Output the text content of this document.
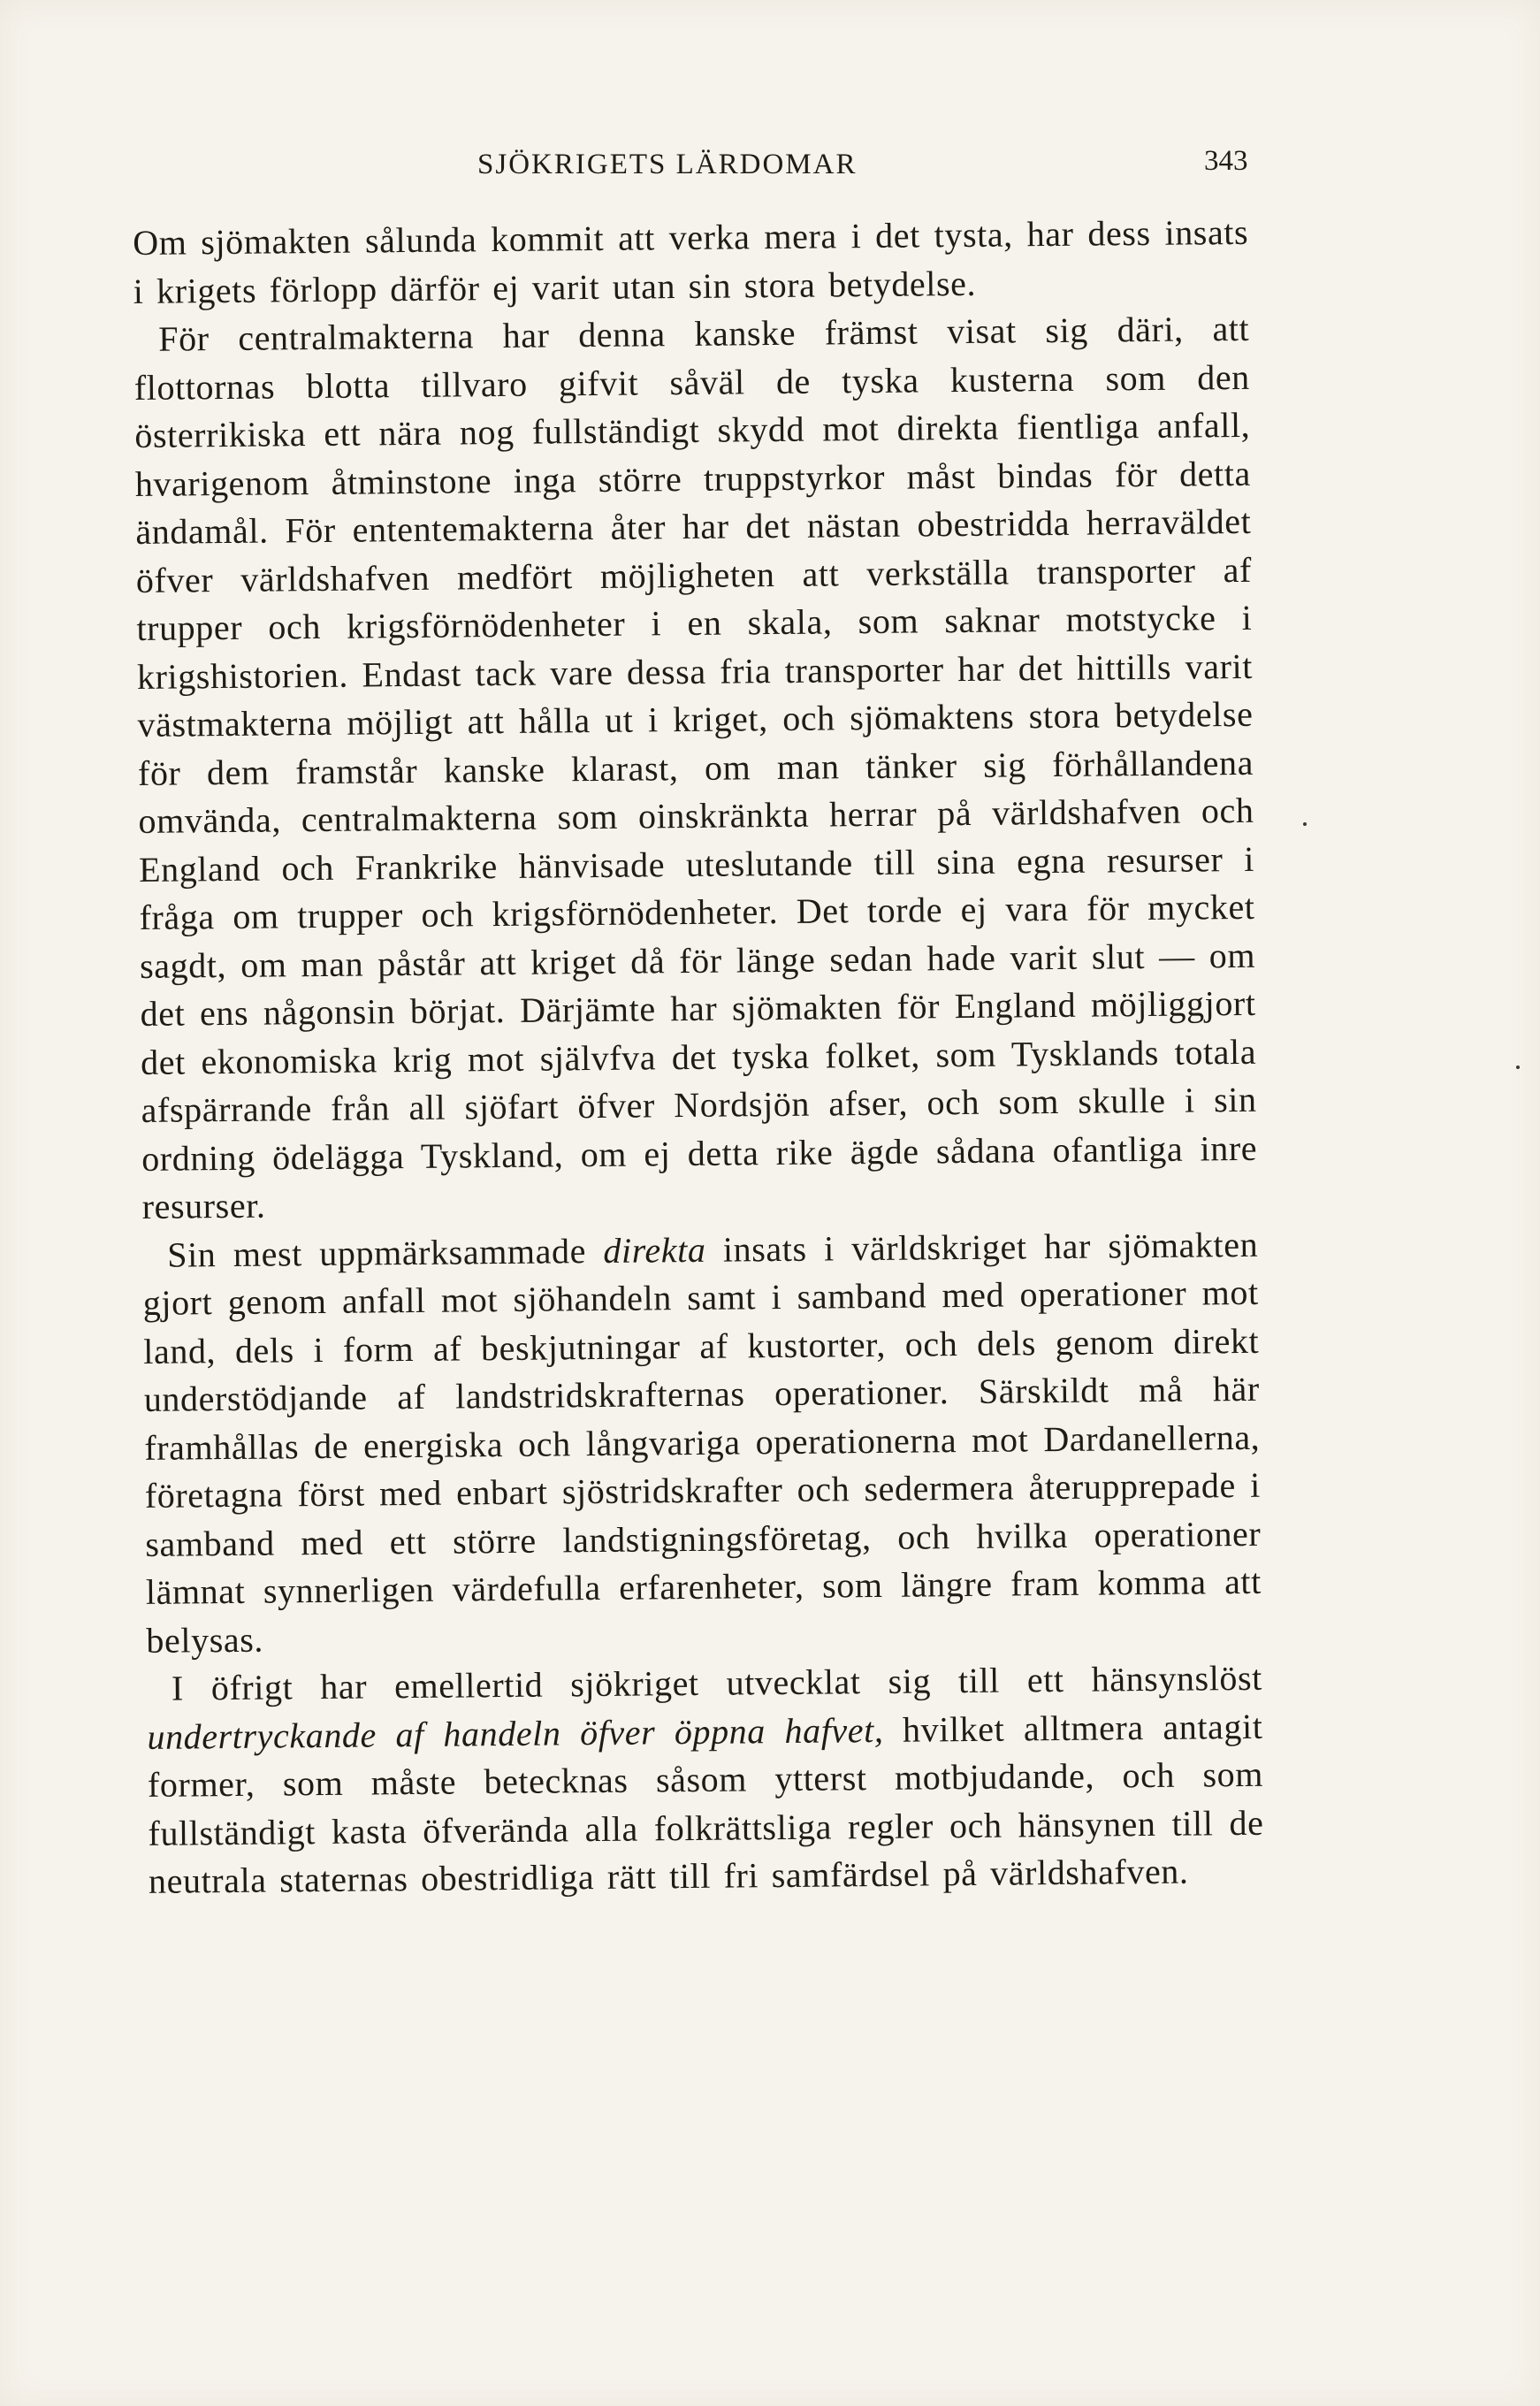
SJÖKRIGETS LÄRDOMAR	343

Om sjömakten sålunda kommit att verka mera i det tysta, har dess insats i krigets förlopp därför ej varit utan sin stora betydelse.

För centralmakterna har denna kanske främst visat sig däri, att flottornas blotta tillvaro gifvit såväl de tyska kusterna som den österrikiska ett nära nog fullständigt skydd mot direkta fientliga anfall, hvarigenom åtminstone inga större truppstyrkor måst bindas för detta ändamål. För ententemakterna åter har det nästan obestridda herraväldet öfver världshafven medfört möjligheten att verkställa transporter af trupper och krigsförnödenheter i en skala, som saknar motstycke i krigshistorien. Endast tack vare dessa fria transporter har det hittills varit västmakterna möjligt att hålla ut i kriget, och sjömaktens stora betydelse för dem framstår kanske klarast, om man tänker sig förhållandena omvända, centralmakterna som oinskränkta herrar på världshafven och England och Frankrike hänvisade uteslutande till sina egna resurser i fråga om trupper och krigsförnödenheter. Det torde ej vara för mycket sagdt, om man påstår att kriget då för länge sedan hade varit slut — om det ens någonsin börjat. Därjämte har sjömakten för England möjliggjort det ekonomiska krig mot självfva det tyska folket, som Tysklands totala afspärrande från all sjöfart öfver Nordsjön afser, och som skulle i sin ordning ödelägga Tyskland, om ej detta rike ägde sådana ofantliga inre resurser.

Sin mest uppmärksammade direkta insats i världskriget har sjömakten gjort genom anfall mot sjöhandeln samt i samband med operationer mot land, dels i form af beskjutningar af kustorter, och dels genom direkt understödjande af landstridskrafternas operationer. Särskildt må här framhållas de energiska och långvariga operationerna mot Dardanellerna, företagna först med enbart sjöstridskrafter och sedermera återupprepade i samband med ett större landstigningsföretag, och hvilka operationer lämnat synnerligen värdefulla erfarenheter, som längre fram komma att belysas.

I öfrigt har emellertid sjökriget utvecklat sig till ett hänsynslöst undertryckande af handeln öfver öppna hafvet, hvilket alltmera antagit former, som måste betecknas såsom ytterst motbjudande, och som fullständigt kasta öfverända alla folkrättsliga regler och hänsynen till de neutrala staternas obestridliga rätt till fri samfärdsel på världshafven.
